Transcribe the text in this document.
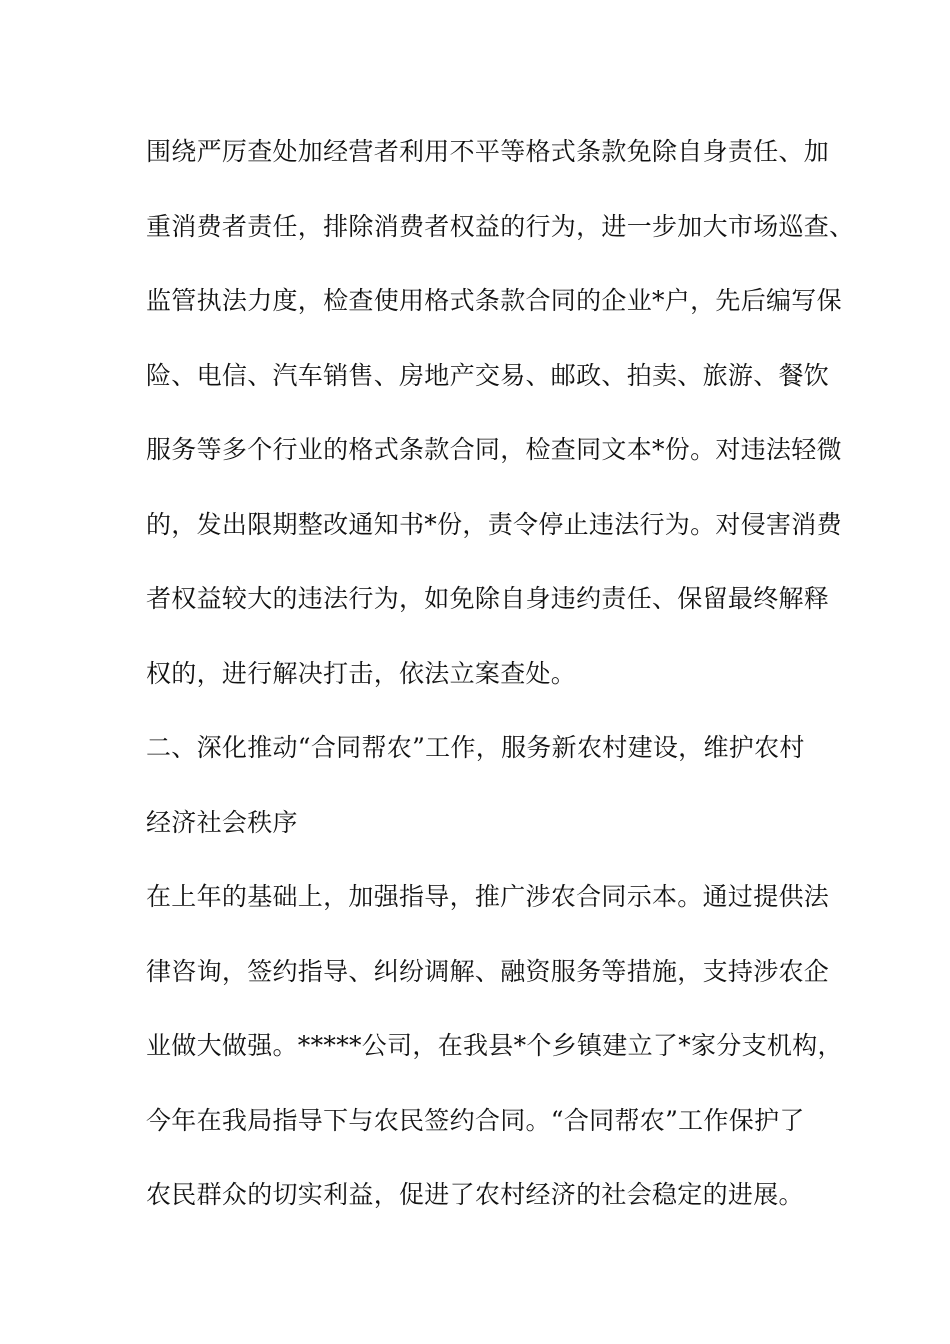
围绕严厉查处加经营者利用不平等格式条款免除自身责任、加
重消费者责任，排除消费者权益的行为，进一步加大市场巡查、
监管执法力度，检查使用格式条款合同的企业*户，先后编写保
险、电信、汽车销售、房地产交易、邮政、拍卖、旅游、餐饮
服务等多个行业的格式条款合同，检查同文本*份。对违法轻微
的，发出限期整改通知书*份，责令停止违法行为。对侵害消费
者权益较大的违法行为，如免除自身违约责任、保留最终解释
权的，进行解决打击，依法立案查处。
二、深化推动“合同帮农”工作，服务新农村建设，维护农村
经济社会秩序
在上年的基础上，加强指导，推广涉农合同示本。通过提供法
律咨询，签约指导、纠纷调解、融资服务等措施，支持涉农企
业做大做强。*****公司，在我县*个乡镇建立了*家分支机构，
今年在我局指导下与农民签约合同。“合同帮农”工作保护了
农民群众的切实利益，促进了农村经济的社会稳定的进展。
